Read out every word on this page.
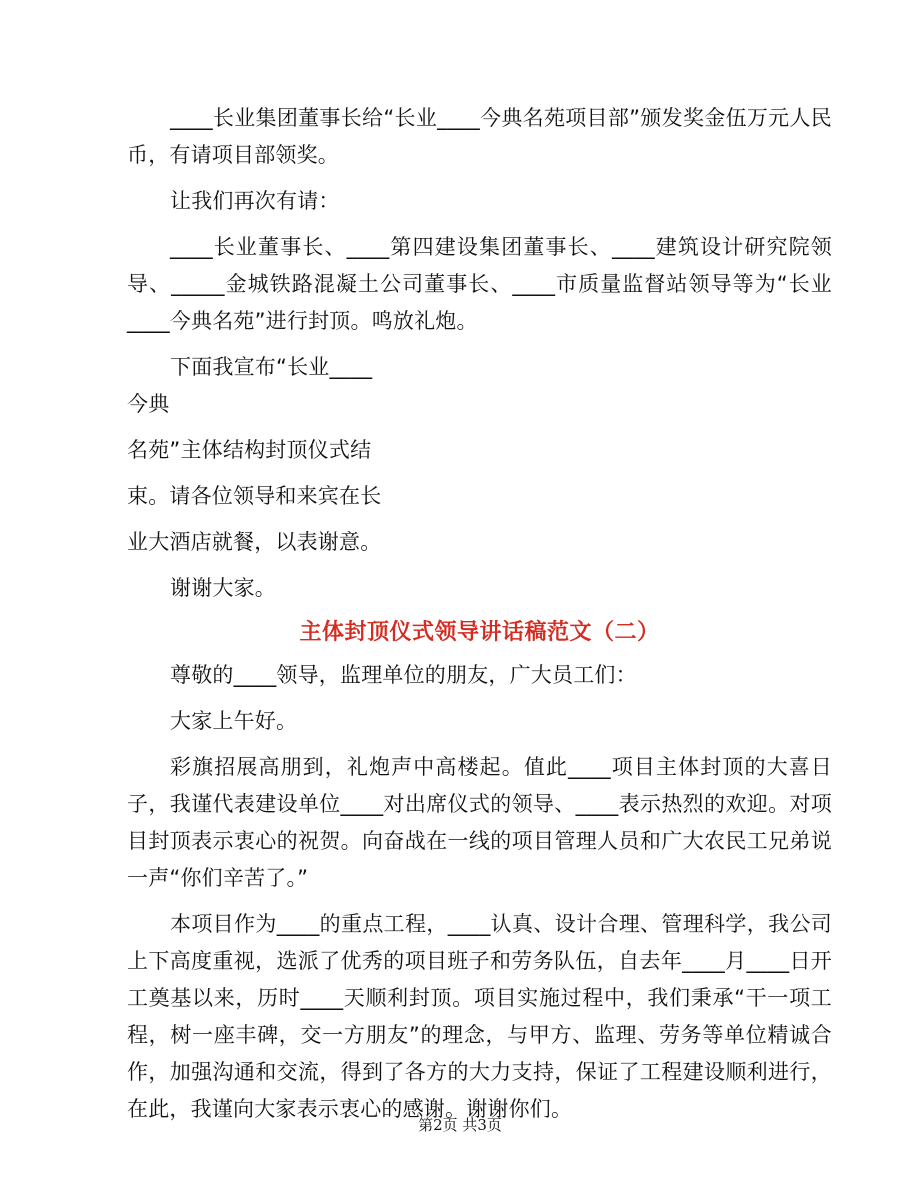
____长业集团董事长给“长业____今典名苑项目部”颁发奖金伍万元人民币，有请项目部领奖。

让我们再次有请：

____长业董事长、____第四建设集团董事长、____建筑设计研究院领导、_____金城铁路混凝土公司董事长、____市质量监督站领导等为“长业____今典名苑”进行封顶。鸣放礼炮。

下面我宣布“长业____今典

名苑”主体结构封顶仪式结

束。请各位领导和来宾在长

业大酒店就餐，以表谢意。

谢谢大家。

主体封顶仪式领导讲话稿范文（二）

尊敬的____领导，监理单位的朋友，广大员工们：

大家上午好。

彩旗招展高朋到，礼炮声中高楼起。值此____项目主体封顶的大喜日子，我谨代表建设单位____对出席仪式的领导、____表示热烈的欢迎。对项目封顶表示衷心的祝贺。向奋战在一线的项目管理人员和广大农民工兄弟说一声“你们辛苦了。”

本项目作为____的重点工程，____认真、设计合理、管理科学，我公司上下高度重视，选派了优秀的项目班子和劳务队伍，自去年____月____日开工奠基以来，历时____天顺利封顶。项目实施过程中，我们秉承“干一项工程，树一座丰碑，交一方朋友”的理念，与甲方、监理、劳务等单位精诚合作，加强沟通和交流，得到了各方的大力支持，保证了工程建设顺利进行，在此，我谨向大家表示衷心的感谢。谢谢你们。

第2页 共3页
